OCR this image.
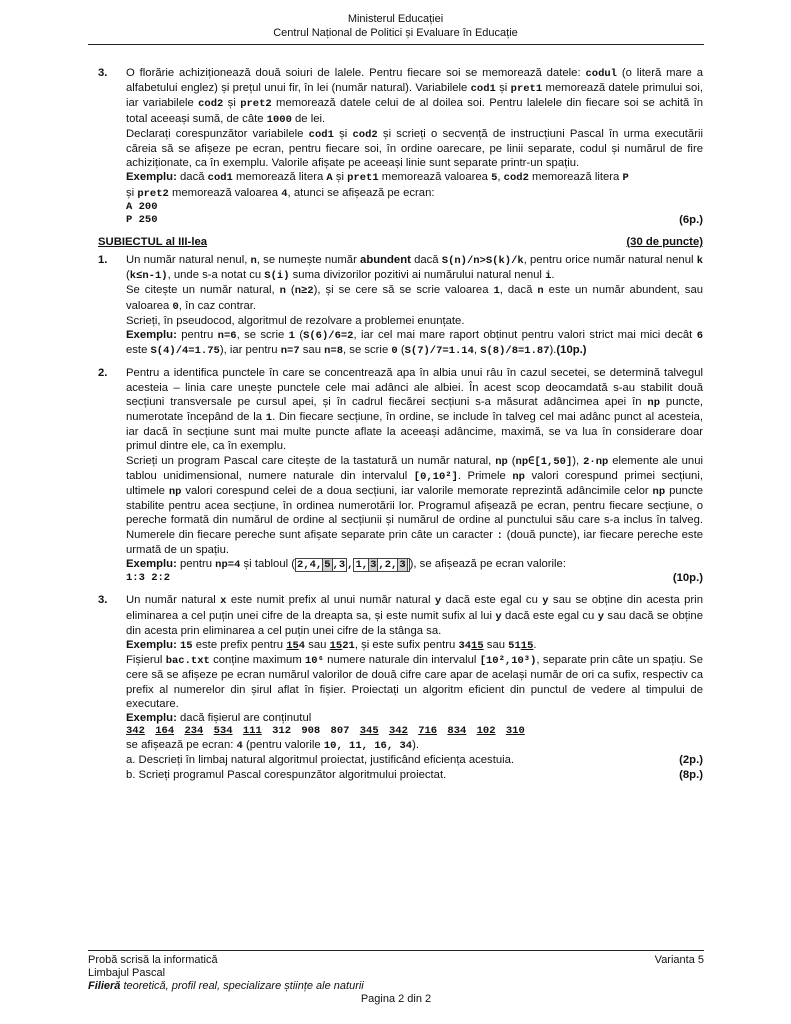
Ministerul Educației
Centrul Național de Politici și Evaluare în Educație
3. O florărie achiziționează două soiuri de lalele. Pentru fiecare soi se memorează datele: codul (o literă mare a alfabetului englez) și prețul unui fir, în lei (număr natural). Variabilele cod1 și pret1 memorează datele primului soi, iar variabilele cod2 și pret2 memorează datele celui de al doilea soi. Pentru lalelele din fiecare soi se achită în total aceeași sumă, de câte 1000 de lei.

Declarați corespunzător variabilele cod1 și cod2 și scrieți o secvență de instrucțiuni Pascal în urma executării căreia să se afișeze pe ecran, pentru fiecare soi, în ordine oarecare, pe linii separate, codul și numărul de fire achiziționate, ca în exemplu. Valorile afișate pe aceeași linie sunt separate printr-un spațiu.

Exemplu: dacă cod1 memorează litera A și pret1 memorează valoarea 5, cod2 memorează litera P
și pret2 memorează valoarea 4, atunci se afișează pe ecran:

A 200
P 250	(6p.)
SUBIECTUL al III-lea	(30 de puncte)
1. Un număr natural nenul, n, se numește număr abundent dacă S(n)/n>S(k)/k, pentru orice număr natural nenul k (k≤n-1), unde s-a notat cu S(i) suma divizorilor pozitivi ai numărului natural nenul i.

Se citește un număr natural, n (n≥2), și se cere să se scrie valoarea 1, dacă n este un număr abundent, sau valoarea 0, în caz contrar.

Scrieți, în pseudocod, algoritmul de rezolvare a problemei enunțate.

Exemplu: pentru n=6, se scrie 1 (S(6)/6=2, iar cel mai mare raport obținut pentru valori strict mai mici decât 6 este S(4)/4=1.75), iar pentru n=7 sau n=8, se scrie 0 (S(7)/7=1.14, S(8)/8=1.87).(10p.)

2. Pentru a identifica punctele în care se concentrează apa în albia unui râu în cazul secetei, se determină talvegul acesteia – linia care unește punctele cele mai adânci ale albiei. În acest scop deocamdată s-au stabilit două secțiuni transversale pe cursul apei, și în cadrul fiecărei secțiuni s-a măsurat adâncimea apei în np puncte, numerotate începând de la 1. Din fiecare secțiune, în ordine, se include în talveg cel mai adânc punct al acesteia, iar dacă în secțiune sunt mai multe puncte aflate la aceeași adâncime, maximă, se va lua în considerare doar primul dintre ele, ca în exemplu.

Scrieți un program Pascal care citește de la tastatură un număr natural, np (np∈[1,50]), 2·np elemente ale unui tablou unidimensional, numere naturale din intervalul [0,10²]. Primele np valori corespund primei secțiuni, ultimele np valori corespund celei de a doua secțiuni, iar valorile memorate reprezintă adâncimile celor np puncte stabilite pentru acea secțiune, în ordinea numerotării lor. Programul afișează pe ecran, pentru fiecare secțiune, o pereche formată din numărul de ordine al secțiunii și numărul de ordine al punctului său care s-a inclus în talveg. Numerele din fiecare pereche sunt afișate separate prin câte un caracter : (două puncte), iar fiecare pereche este urmată de un spațiu.

Exemplu: pentru np=4 și tabloul ( 2,4, 5 ,3 , 1, 3 ,2, 3 ), se afișează pe ecran valorile:

1:3 2:2	(10p.)
3. Un număr natural x este numit prefix al unui număr natural y dacă este egal cu y sau se obține din acesta prin eliminarea a cel puțin unei cifre de la dreapta sa, și este numit sufix al lui y dacă este egal cu y sau dacă se obține din acesta prin eliminarea a cel puțin unei cifre de la stânga sa.

Exemplu: 15 este prefix pentru 154 sau 1521, și este sufix pentru 3415 sau 5115.

Fișierul bac.txt conține maximum 10⁶ numere naturale din intervalul [10²,10³), separate prin câte un spațiu. Se cere să se afișeze pe ecran numărul valorilor de două cifre care apar de același număr de ori ca sufix, respectiv ca prefix al numerelor din șirul aflat în fișier. Proiectați un algoritm eficient din punctul de vedere al timpului de executare.

Exemplu: dacă fișierul are conținutul

342 164 234 534 111 312 908 807 345 342 716 834 102 310

se afișează pe ecran: 4 (pentru valorile 10, 11, 16, 34).

a. Descrieți în limbaj natural algoritmul proiectat, justificând eficiența acestuia.	(2p.)
b. Scrieți programul Pascal corespunzător algoritmului proiectat.	(8p.)
Probă scrisă la informatică	Varianta 5
Limbajul Pascal
Filieră teoretică, profil real, specializare științe ale naturii
Pagina 2 din 2
